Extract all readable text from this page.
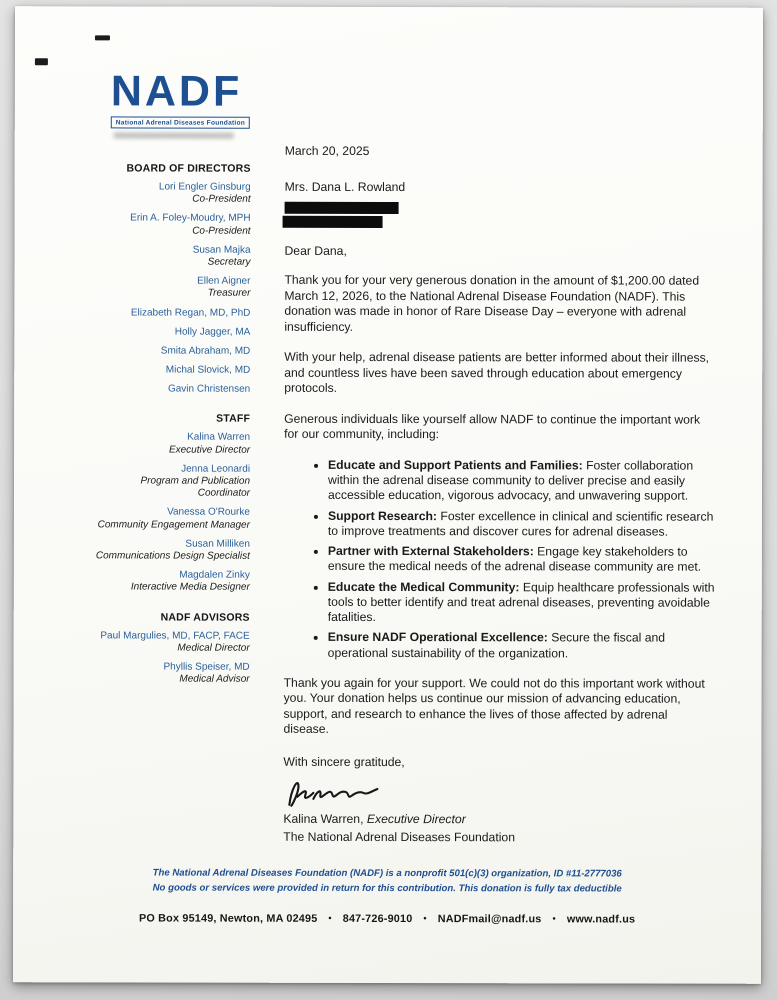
NADF
National Adrenal Diseases Foundation
BOARD OF DIRECTORS
Lori Engler Ginsburg
Co-President
Erin A. Foley-Moudry, MPH
Co-President
Susan Majka
Secretary
Ellen Aigner
Treasurer
Elizabeth Regan, MD, PhD
Holly Jagger, MA
Smita Abraham, MD
Michal Slovick, MD
Gavin Christensen
STAFF
Kalina Warren
Executive Director
Jenna Leonardi
Program and Publication Coordinator
Vanessa O'Rourke
Community Engagement Manager
Susan Milliken
Communications Design Specialist
Magdalen Zinky
Interactive Media Designer
NADF ADVISORS
Paul Margulies, MD, FACP, FACE
Medical Director
Phyllis Speiser, MD
Medical Advisor
March 20, 2025
Mrs. Dana L. Rowland
Dear Dana,

Thank you for your very generous donation in the amount of $1,200.00 dated March 12, 2026, to the National Adrenal Disease Foundation (NADF). This donation was made in honor of Rare Disease Day – everyone with adrenal insufficiency.

With your help, adrenal disease patients are better informed about their illness, and countless lives have been saved through education about emergency protocols.

Generous individuals like yourself allow NADF to continue the important work for our community, including:

• Educate and Support Patients and Families: Foster collaboration within the adrenal disease community to deliver precise and easily accessible education, vigorous advocacy, and unwavering support.
• Support Research: Foster excellence in clinical and scientific research to improve treatments and discover cures for adrenal diseases.
• Partner with External Stakeholders: Engage key stakeholders to ensure the medical needs of the adrenal disease community are met.
• Educate the Medical Community: Equip healthcare professionals with tools to better identify and treat adrenal diseases, preventing avoidable fatalities.
• Ensure NADF Operational Excellence: Secure the fiscal and operational sustainability of the organization.

Thank you again for your support. We could not do this important work without you. Your donation helps us continue our mission of advancing education, support, and research to enhance the lives of those affected by adrenal disease.

With sincere gratitude,
Kalina Warren, Executive Director
The National Adrenal Diseases Foundation
The National Adrenal Diseases Foundation (NADF) is a nonprofit 501(c)(3) organization, ID #11-2777036
No goods or services were provided in return for this contribution. This donation is fully tax deductible
PO Box 95149, Newton, MA 02495 • 847-726-9010 • NADFmail@nadf.us • www.nadf.us
